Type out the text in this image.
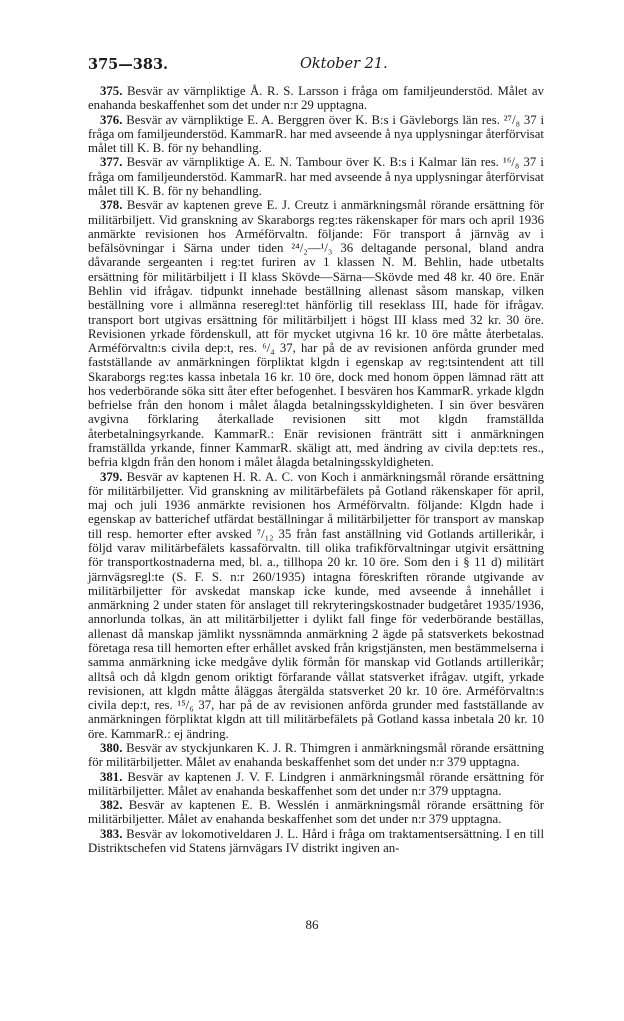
375—383.	Oktober 21.

375. Besvär av värnpliktige Å. R. S. Larsson i fråga om familjeunderstöd. Målet av enahanda beskaffenhet som det under n:r 29 upptagna.

376. Besvär av värnpliktige E. A. Berggren över K. B:s i Gävleborgs län res. ²⁷/₈ 37 i fråga om familjeunderstöd. KammarR. har med avseende å nya upplysningar återförvisat målet till K. B. för ny behandling.

377. Besvär av värnpliktige A. E. N. Tambour över K. B:s i Kalmar län res. ¹⁶/₈ 37 i fråga om familjeunderstöd. KammarR. har med avseende å nya upplysningar återförvisat målet till K. B. för ny behandling.

378. Besvär av kaptenen greve E. J. Creutz i anmärkningsmål rörande ersättning för militärbiljett. Vid granskning av Skaraborgs reg:tes räkenskaper för mars och april 1936 anmärkte revisionen hos Arméförvaltn. följande: För transport å järnväg av i befälsövningar i Särna under tiden ²⁴/₂—¹/₃ 36 deltagande personal, bland andra dåvarande sergeanten i reg:tet furiren av 1 klassen N. M. Behlin, hade utbetalts ersättning för militärbiljett i II klass Skövde—Särna—Skövde med 48 kr. 40 öre. Enär Behlin vid ifrågav. tidpunkt innehade beställning allenast såsom manskap, vilken beställning vore i allmänna reseregl:tet hänförlig till reseklass III, hade för ifrågav. transport bort utgivas ersättning för militärbiljett i högst III klass med 32 kr. 30 öre. Revisionen yrkade fördenskull, att för mycket utgivna 16 kr. 10 öre måtte återbetalas. Arméförvaltn:s civila dep:t, res. ⁶/₄ 37, har på de av revisionen anförda grunder med fastställande av anmärkningen förpliktat klgdn i egenskap av reg:tsintendent att till Skaraborgs reg:tes kassa inbetala 16 kr. 10 öre, dock med honom öppen lämnad rätt att hos vederbörande söka sitt åter efter befogenhet. I besvären hos KammarR. yrkade klgdn befrielse från den honom i målet ålagda betalningsskyldigheten. I sin över besvären avgivna förklaring återkallade revisionen sitt mot klgdn framställda återbetalningsyrkande. KammarR.: Enär revisionen fränträtt sitt i anmärkningen framställda yrkande, finner KammarR. skäligt att, med ändring av civila dep:tets res., befria klgdn från den honom i målet ålagda betalningsskyldigheten.

379. Besvär av kaptenen H. R. A. C. von Koch i anmärkningsmål rörande ersättning för militärbiljetter. Vid granskning av militärbefälets på Gotland räkenskaper för april, maj och juli 1936 anmärkte revisionen hos Arméförvaltn. följande: Klgdn hade i egenskap av batterichef utfärdat beställningar å militärbiljetter för transport av manskap till resp. hemorter efter avsked ⁷/₁₂ 35 från fast anställning vid Gotlands artillerikår, i följd varav militärbefälets kassaförvaltn. till olika trafikförvaltningar utgivit ersättning för transportkostnaderna med, bl. a., tillhopa 20 kr. 10 öre. Som den i § 11 d) militärt järnvägsregl:te (S. F. S. n:r 260/1935) intagna föreskriften rörande utgivande av militärbiljetter för avskedat manskap icke kunde, med avseende å innehållet i anmärkning 2 under staten för anslaget till rekryteringskostnader budgetåret 1935/1936, annorlunda tolkas, än att militärbiljetter i dylikt fall finge för vederbörande beställas, allenast då manskap jämlikt nyssnämnda anmärkning 2 ägde på statsverkets bekostnad företaga resa till hemorten efter erhållet avsked från krigstjänsten, men bestämmelserna i samma anmärkning icke medgåve dylik förmån för manskap vid Gotlands artillerikår; alltså och då klgdn genom oriktigt förfarande vållat statsverket ifrågav. utgift, yrkade revisionen, att klgdn måtte åläggas återgälda statsverket 20 kr. 10 öre. Arméförvaltn:s civila dep:t, res. ¹⁵/₆ 37, har på de av revisionen anförda grunder med fastställande av anmärkningen förpliktat klgdn att till militärbefälets på Gotland kassa inbetala 20 kr. 10 öre. KammarR.: ej ändring.

380. Besvär av styckjunkaren K. J. R. Thimgren i anmärkningsmål rörande ersättning för militärbiljetter. Målet av enahanda beskaffenhet som det under n:r 379 upptagna.

381. Besvär av kaptenen J. V. F. Lindgren i anmärkningsmål rörande ersättning för militärbiljetter. Målet av enahanda beskaffenhet som det under n:r 379 upptagna.

382. Besvär av kaptenen E. B. Wesslén i anmärkningsmål rörande ersättning för militärbiljetter. Målet av enahanda beskaffenhet som det under n:r 379 upptagna.

383. Besvär av lokomotiveldaren J. L. Hård i fråga om traktamentsersättning. I en till Distriktschefen vid Statens järnvägars IV distrikt ingiven an-

86
